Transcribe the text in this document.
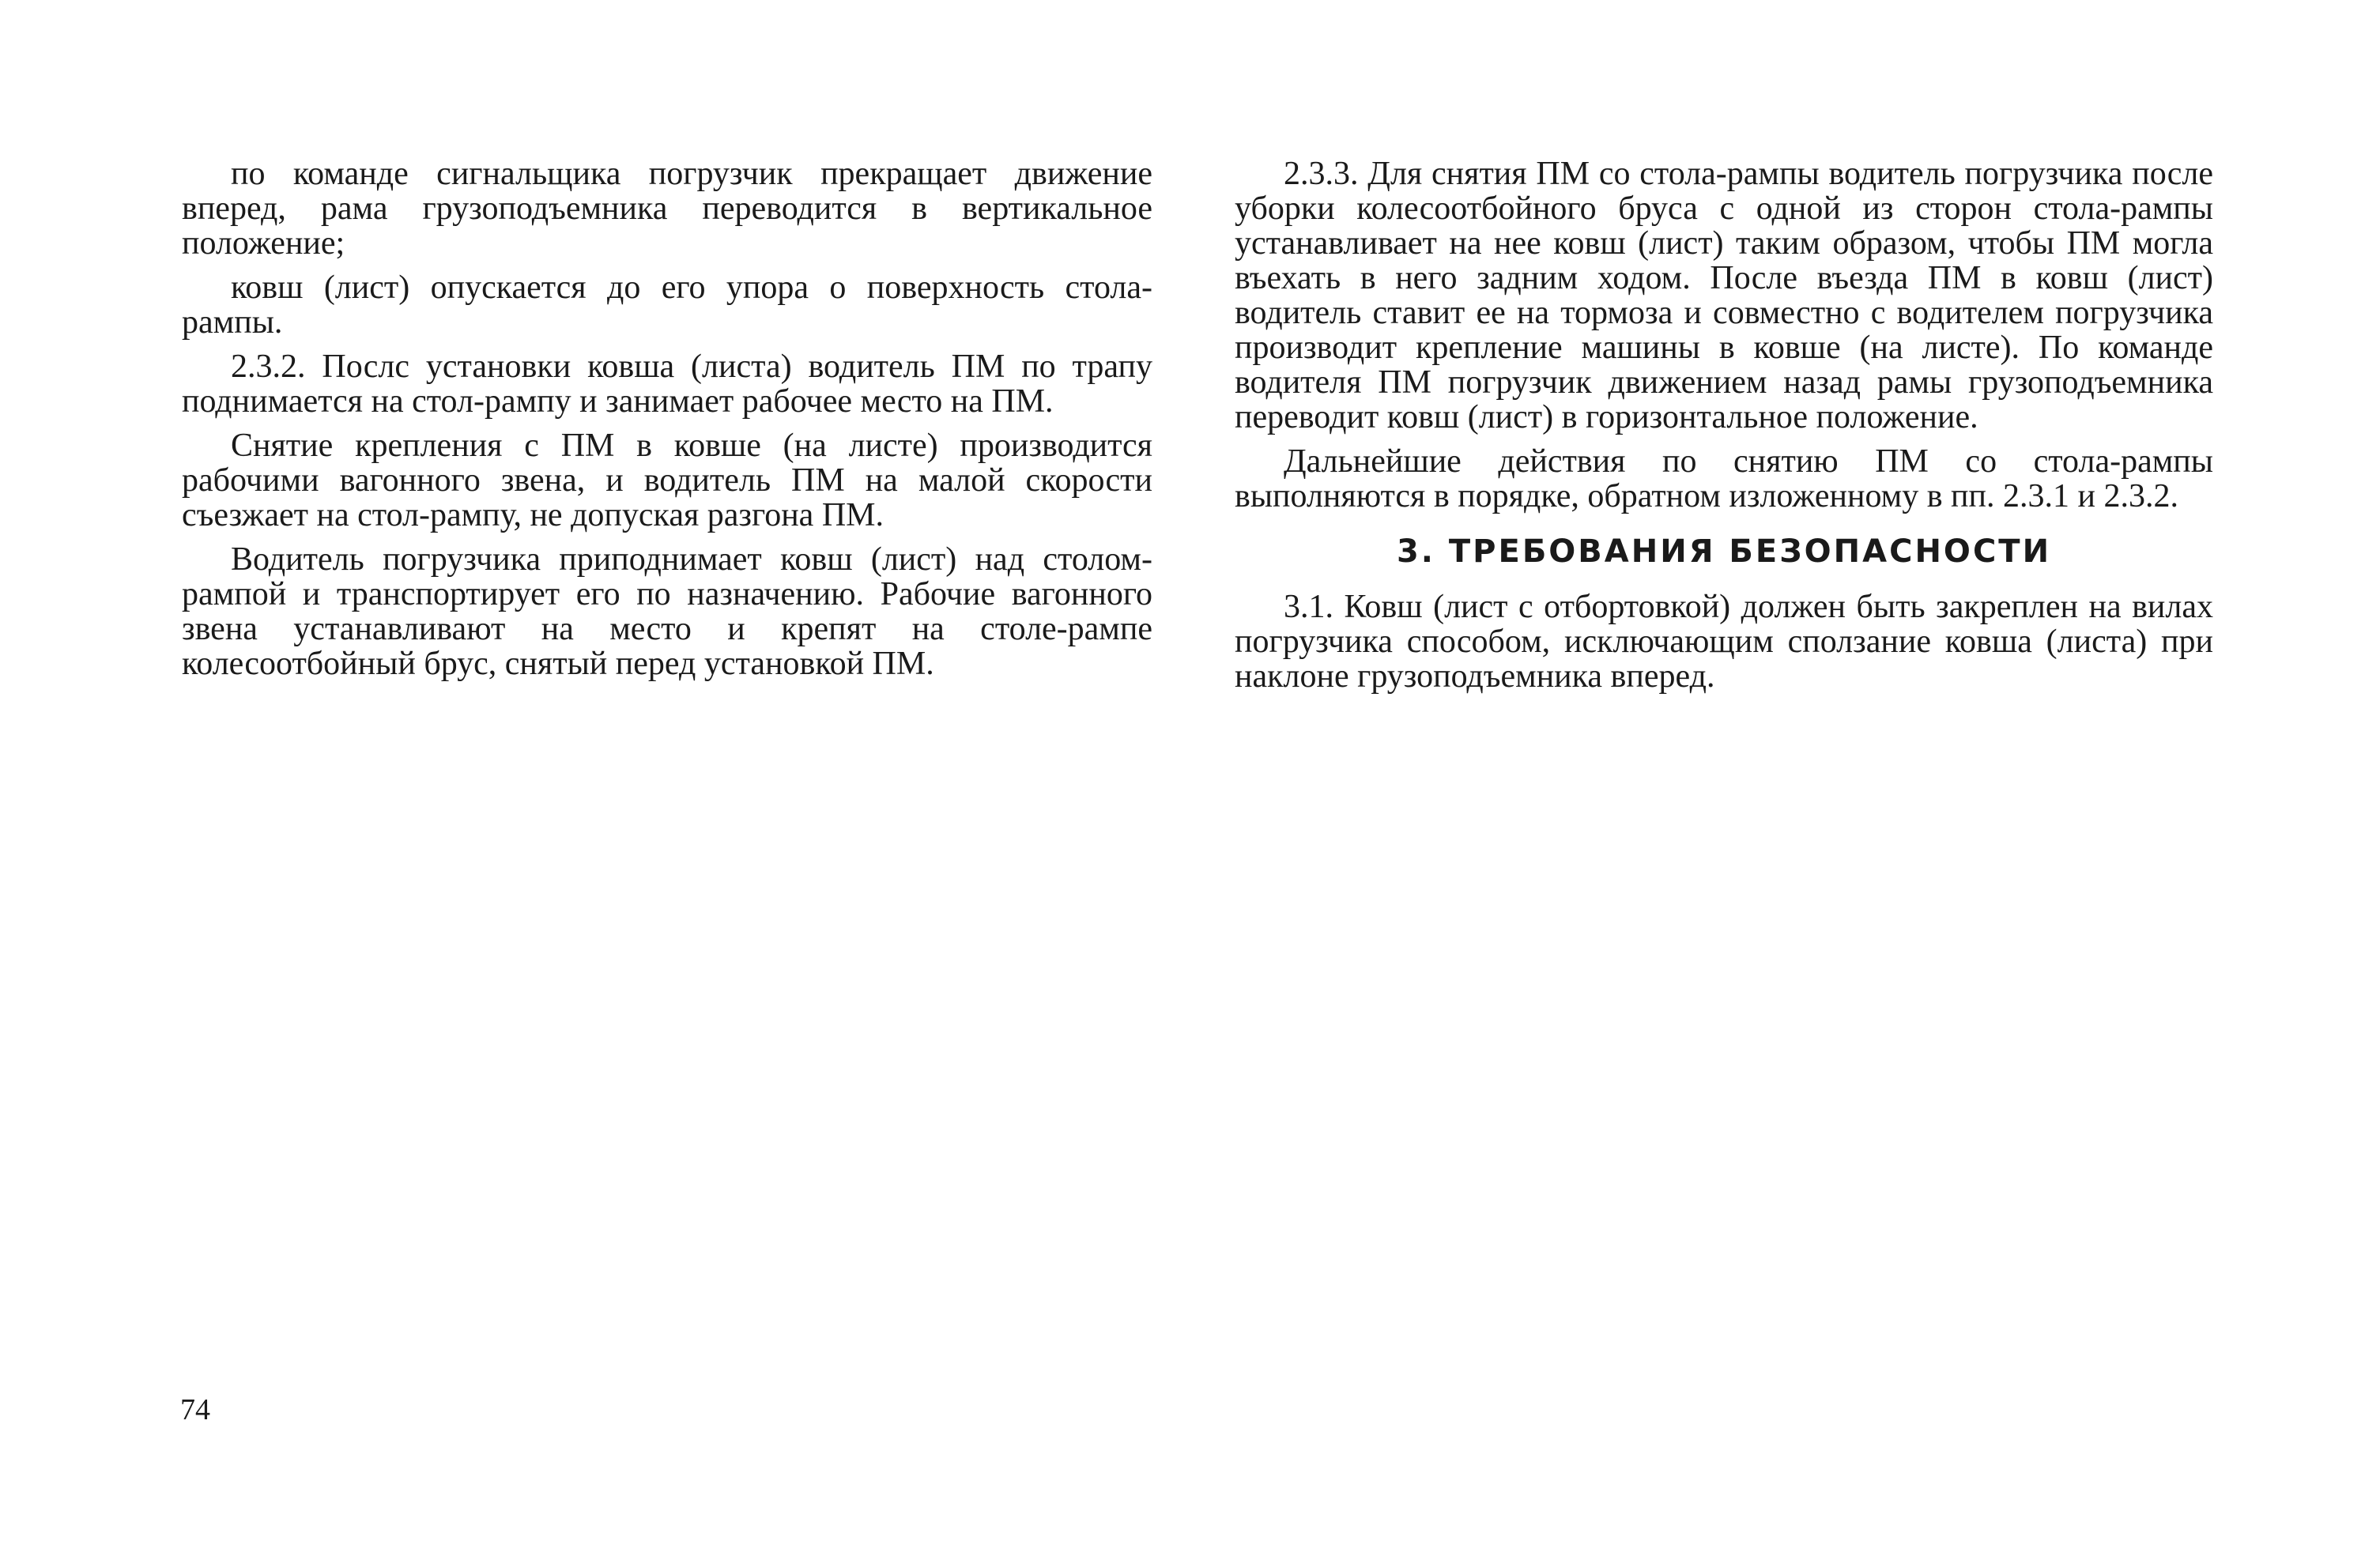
по команде сигнальщика погрузчик прекращает движение вперед, рама грузоподъемника переводится в вертикальное положение;

ковш (лист) опускается до его упора о поверхность стола-рампы.

2.3.2. Послс установки ковша (листа) водитель ПМ по трапу поднимается на стол-рампу и занимает рабочее место на ПМ.

Снятие крепления с ПМ в ковше (на листе) производится рабочими вагонного звена, и водитель ПМ на малой скорости съезжает на стол-рампу, не допуская разгона ПМ.

Водитель погрузчика приподнимает ковш (лист) над столом-рампой и транспортирует его по назначению. Рабочие вагонного звена устанавливают на место и крепят на столе-рампе колесоотбойный брус, снятый перед установкой ПМ.

2.3.3. Для снятия ПМ со стола-рампы водитель погрузчика после уборки колесоотбойного бруса с одной из сторон стола-рампы устанавливает на нее ковш (лист) таким образом, чтобы ПМ могла въехать в него задним ходом. После въезда ПМ в ковш (лист) водитель ставит ее на тормоза и совместно с водителем погрузчика производит крепление машины в ковше (на листе). По команде водителя ПМ погрузчик движением назад рамы грузоподъемника переводит ковш (лист) в горизонтальное положение.

Дальнейшие действия по снятию ПМ со стола-рампы выполняются в порядке, обратном изложенному в пп. 2.3.1 и 2.3.2.

3. ТРЕБОВАНИЯ БЕЗОПАСНОСТИ

3.1. Ковш (лист с отбортовкой) должен быть закреплен на вилах погрузчика способом, исключающим сползание ковша (листа) при наклоне грузоподъемника вперед.

74
